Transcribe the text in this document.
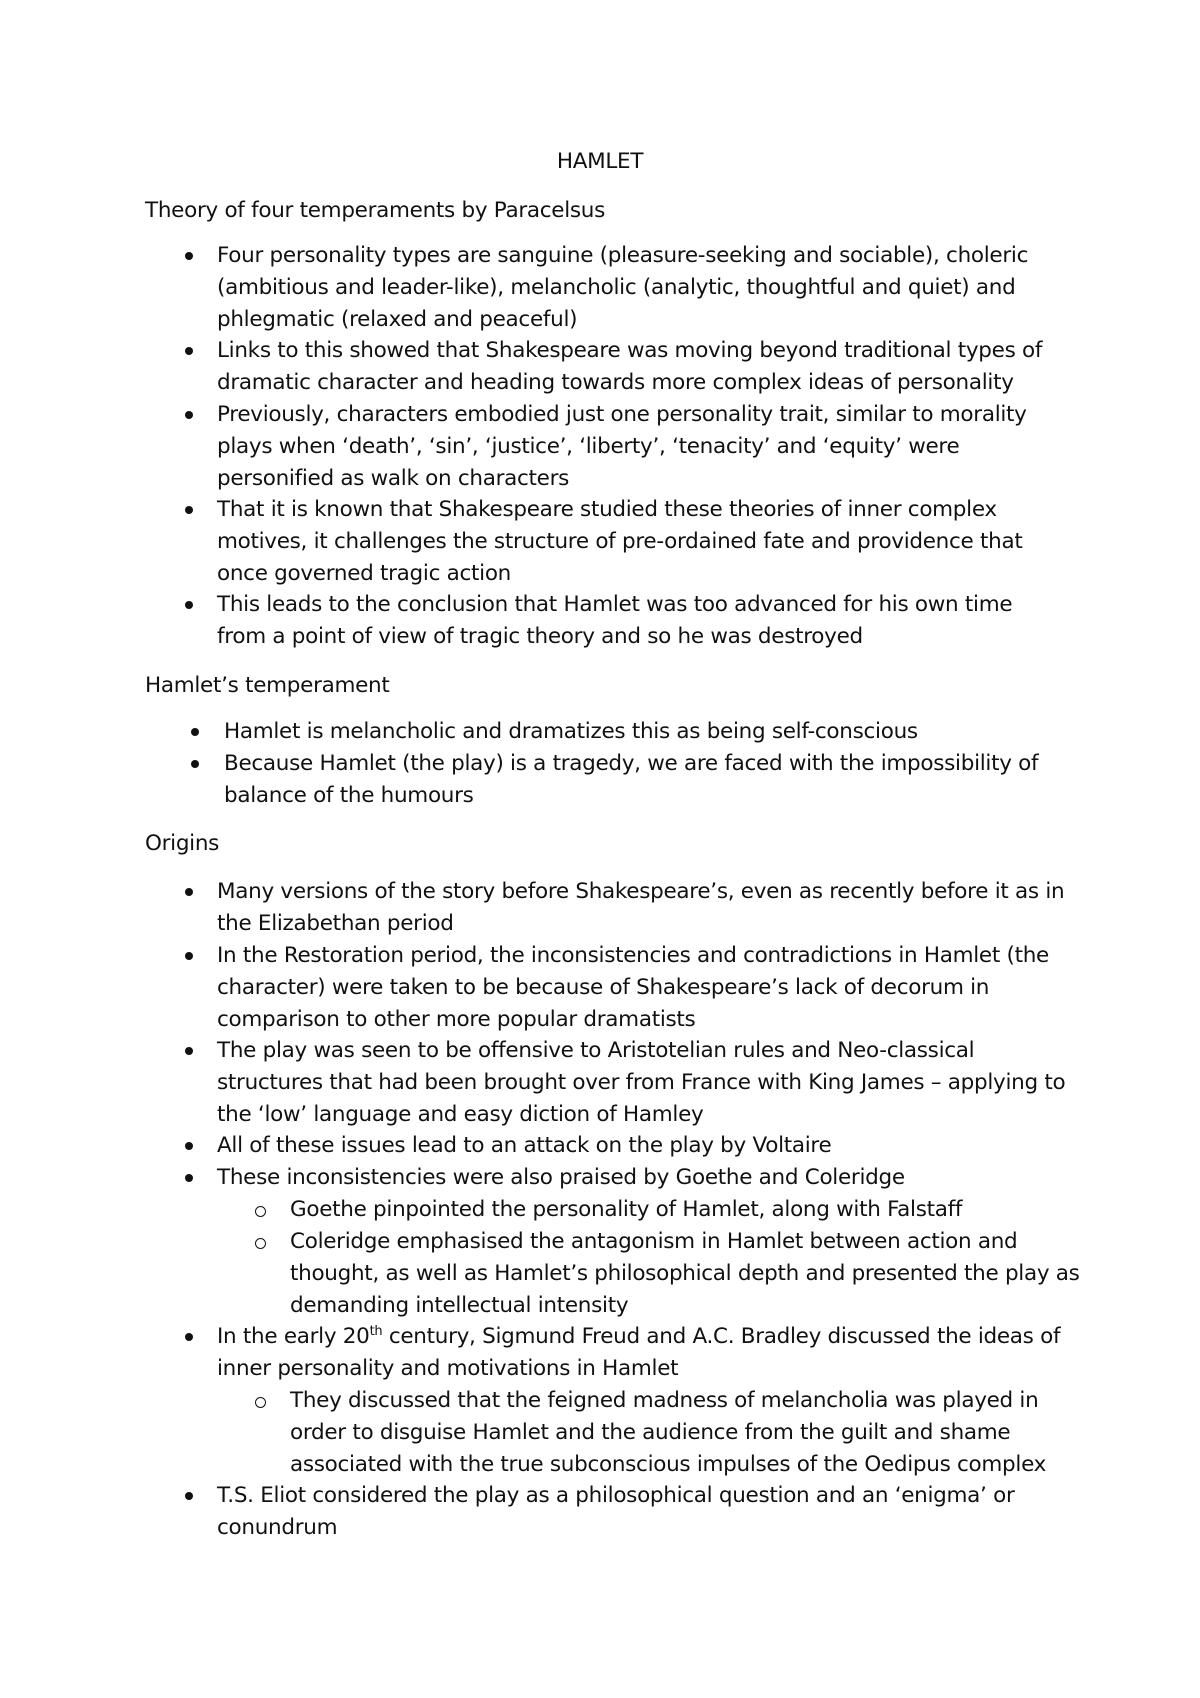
HAMLET
Theory of four temperaments by Paracelsus
Four personality types are sanguine (pleasure-seeking and sociable), choleric (ambitious and leader-like), melancholic (analytic, thoughtful and quiet) and phlegmatic (relaxed and peaceful)
Links to this showed that Shakespeare was moving beyond traditional types of dramatic character and heading towards more complex ideas of personality
Previously, characters embodied just one personality trait, similar to morality plays when ‘death’, ‘sin’, ‘justice’, ‘liberty’, ‘tenacity’ and ‘equity’ were personified as walk on characters
That it is known that Shakespeare studied these theories of inner complex motives, it challenges the structure of pre-ordained fate and providence that once governed tragic action
This leads to the conclusion that Hamlet was too advanced for his own time from a point of view of tragic theory and so he was destroyed
Hamlet’s temperament
Hamlet is melancholic and dramatizes this as being self-conscious
Because Hamlet (the play) is a tragedy, we are faced with the impossibility of balance of the humours
Origins
Many versions of the story before Shakespeare’s, even as recently before it as in the Elizabethan period
In the Restoration period, the inconsistencies and contradictions in Hamlet (the character) were taken to be because of Shakespeare’s lack of decorum in comparison to other more popular dramatists
The play was seen to be offensive to Aristotelian rules and Neo-classical structures that had been brought over from France with King James – applying to the ‘low’ language and easy diction of Hamley
All of these issues lead to an attack on the play by Voltaire
These inconsistencies were also praised by Goethe and Coleridge
Goethe pinpointed the personality of Hamlet, along with Falstaff
Coleridge emphasised the antagonism in Hamlet between action and thought, as well as Hamlet’s philosophical depth and presented the play as demanding intellectual intensity
In the early 20th century, Sigmund Freud and A.C. Bradley discussed the ideas of inner personality and motivations in Hamlet
They discussed that the feigned madness of melancholia was played in order to disguise Hamlet and the audience from the guilt and shame associated with the true subconscious impulses of the Oedipus complex
T.S. Eliot considered the play as a philosophical question and an ‘enigma’ or conundrum
